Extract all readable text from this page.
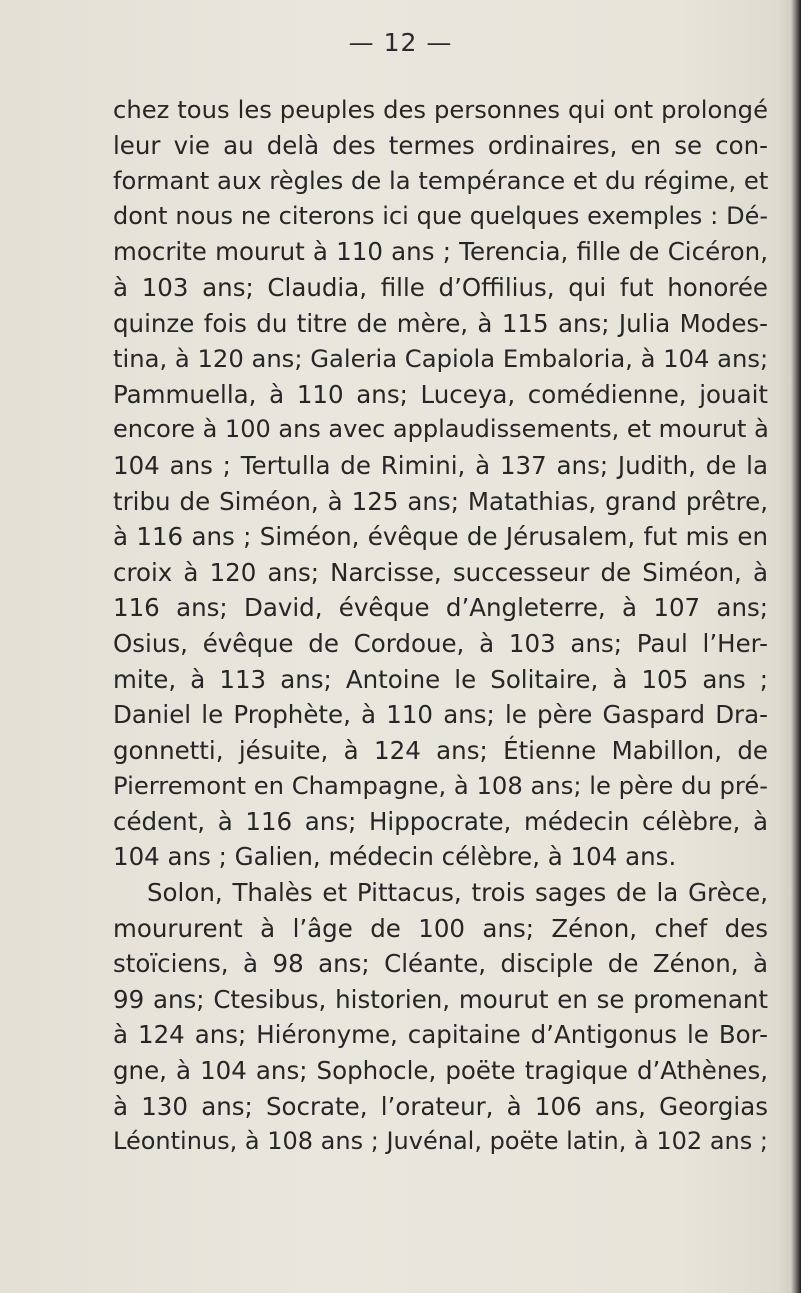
— 12 —
chez tous les peuples des personnes qui ont prolongé
leur vie au delà des termes ordinaires, en se con-
formant aux règles de la tempérance et du régime, et
dont nous ne citerons ici que quelques exemples : Dé-
mocrite mourut à 110 ans ; Terencia, fille de Cicéron,
à 103 ans; Claudia, fille d’Offilius, qui fut honorée
quinze fois du titre de mère, à 115 ans; Julia Modes-
tina, à 120 ans; Galeria Capiola Embaloria, à 104 ans;
Pammuella, à 110 ans; Luceya, comédienne, jouait
encore à 100 ans avec applaudissements, et mourut à
104 ans ; Tertulla de Rimini, à 137 ans; Judith, de la
tribu de Siméon, à 125 ans; Matathias, grand prêtre,
à 116 ans ; Siméon, évêque de Jérusalem, fut mis en
croix à 120 ans; Narcisse, successeur de Siméon, à
116 ans; David, évêque d’Angleterre, à 107 ans;
Osius, évêque de Cordoue, à 103 ans; Paul l’Her-
mite, à 113 ans; Antoine le Solitaire, à 105 ans ;
Daniel le Prophète, à 110 ans; le père Gaspard Dra-
gonnetti, jésuite, à 124 ans; Étienne Mabillon, de
Pierremont en Champagne, à 108 ans; le père du pré-
cédent, à 116 ans; Hippocrate, médecin célèbre, à
104 ans ; Galien, médecin célèbre, à 104 ans.
Solon, Thalès et Pittacus, trois sages de la Grèce,
moururent à l’âge de 100 ans; Zénon, chef des
stoïciens, à 98 ans; Cléante, disciple de Zénon, à
99 ans; Ctesibus, historien, mourut en se promenant
à 124 ans; Hiéronyme, capitaine d’Antigonus le Bor-
gne, à 104 ans; Sophocle, poëte tragique d’Athènes,
à 130 ans; Socrate, l’orateur, à 106 ans, Georgias
Léontinus, à 108 ans ; Juvénal, poëte latin, à 102 ans ;
